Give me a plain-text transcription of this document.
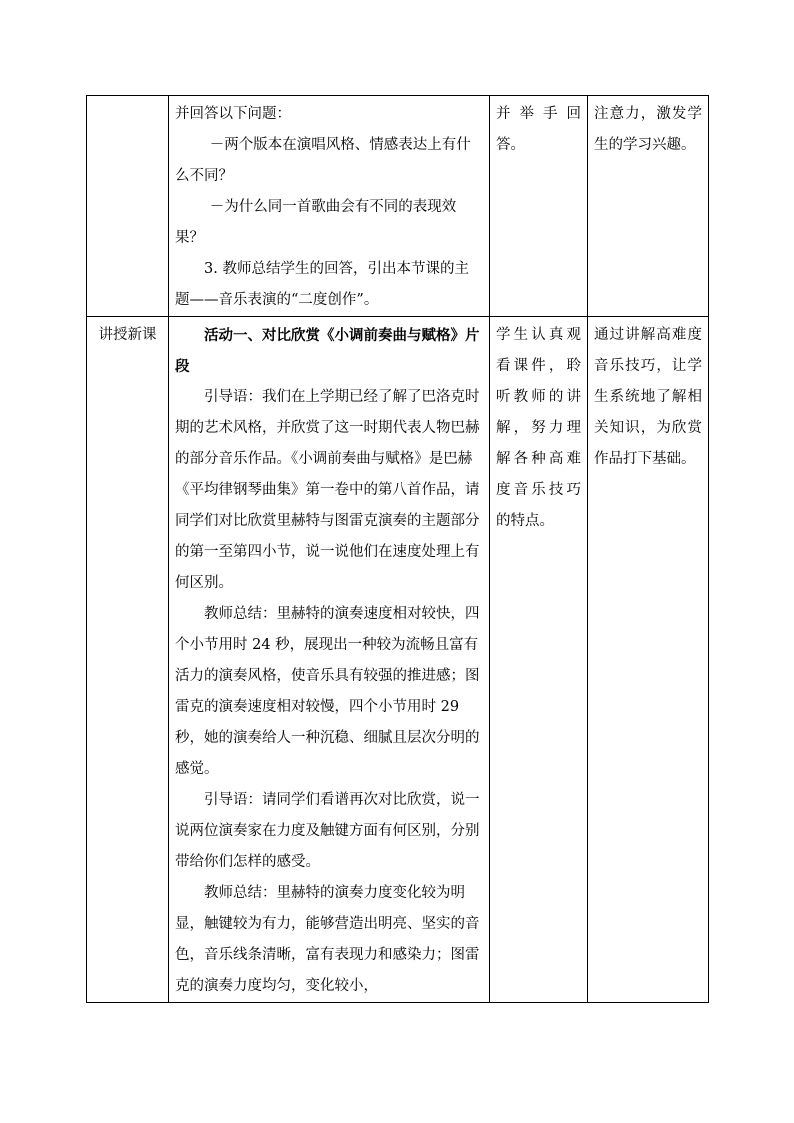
	并回答以下问题：

－两个版本在演唱风格、情感表达上有什么不同？

－为什么同一首歌曲会有不同的表现效果？

3. 教师总结学生的回答，引出本节课的主题——音乐表演的“二度创作”。	并举手回答。	注意力，激发学生的学习兴趣。

讲授新课	活动一、对比欣赏《小调前奏曲与赋格》片段

引导语：我们在上学期已经了解了巴洛克时期的艺术风格，并欣赏了这一时期代表人物巴赫的部分音乐作品。《小调前奏曲与赋格》是巴赫《平均律钢琴曲集》第一卷中的第八首作品，请同学们对比欣赏里赫特与图雷克演奏的主题部分的第一至第四小节，说一说他们在速度处理上有何区别。

教师总结：里赫特的演奏速度相对较快，四个小节用时 24 秒，展现出一种较为流畅且富有活力的演奏风格，使音乐具有较强的推进感；图雷克的演奏速度相对较慢，四个小节用时 29 秒，她的演奏给人一种沉稳、细腻且层次分明的感觉。

引导语：请同学们看谱再次对比欣赏，说一说两位演奏家在力度及触键方面有何区别，分别带给你们怎样的感受。

教师总结：里赫特的演奏力度变化较为明显，触键较为有力，能够营造出明亮、坚实的音色，音乐线条清晰，富有表现力和感染力；图雷克的演奏力度均匀，变化较小，	学生认真观看课件，聆听教师的讲解，努力理解各种高难度音乐技巧的特点。	通过讲解高难度音乐技巧，让学生系统地了解相关知识，为欣赏作品打下基础。
